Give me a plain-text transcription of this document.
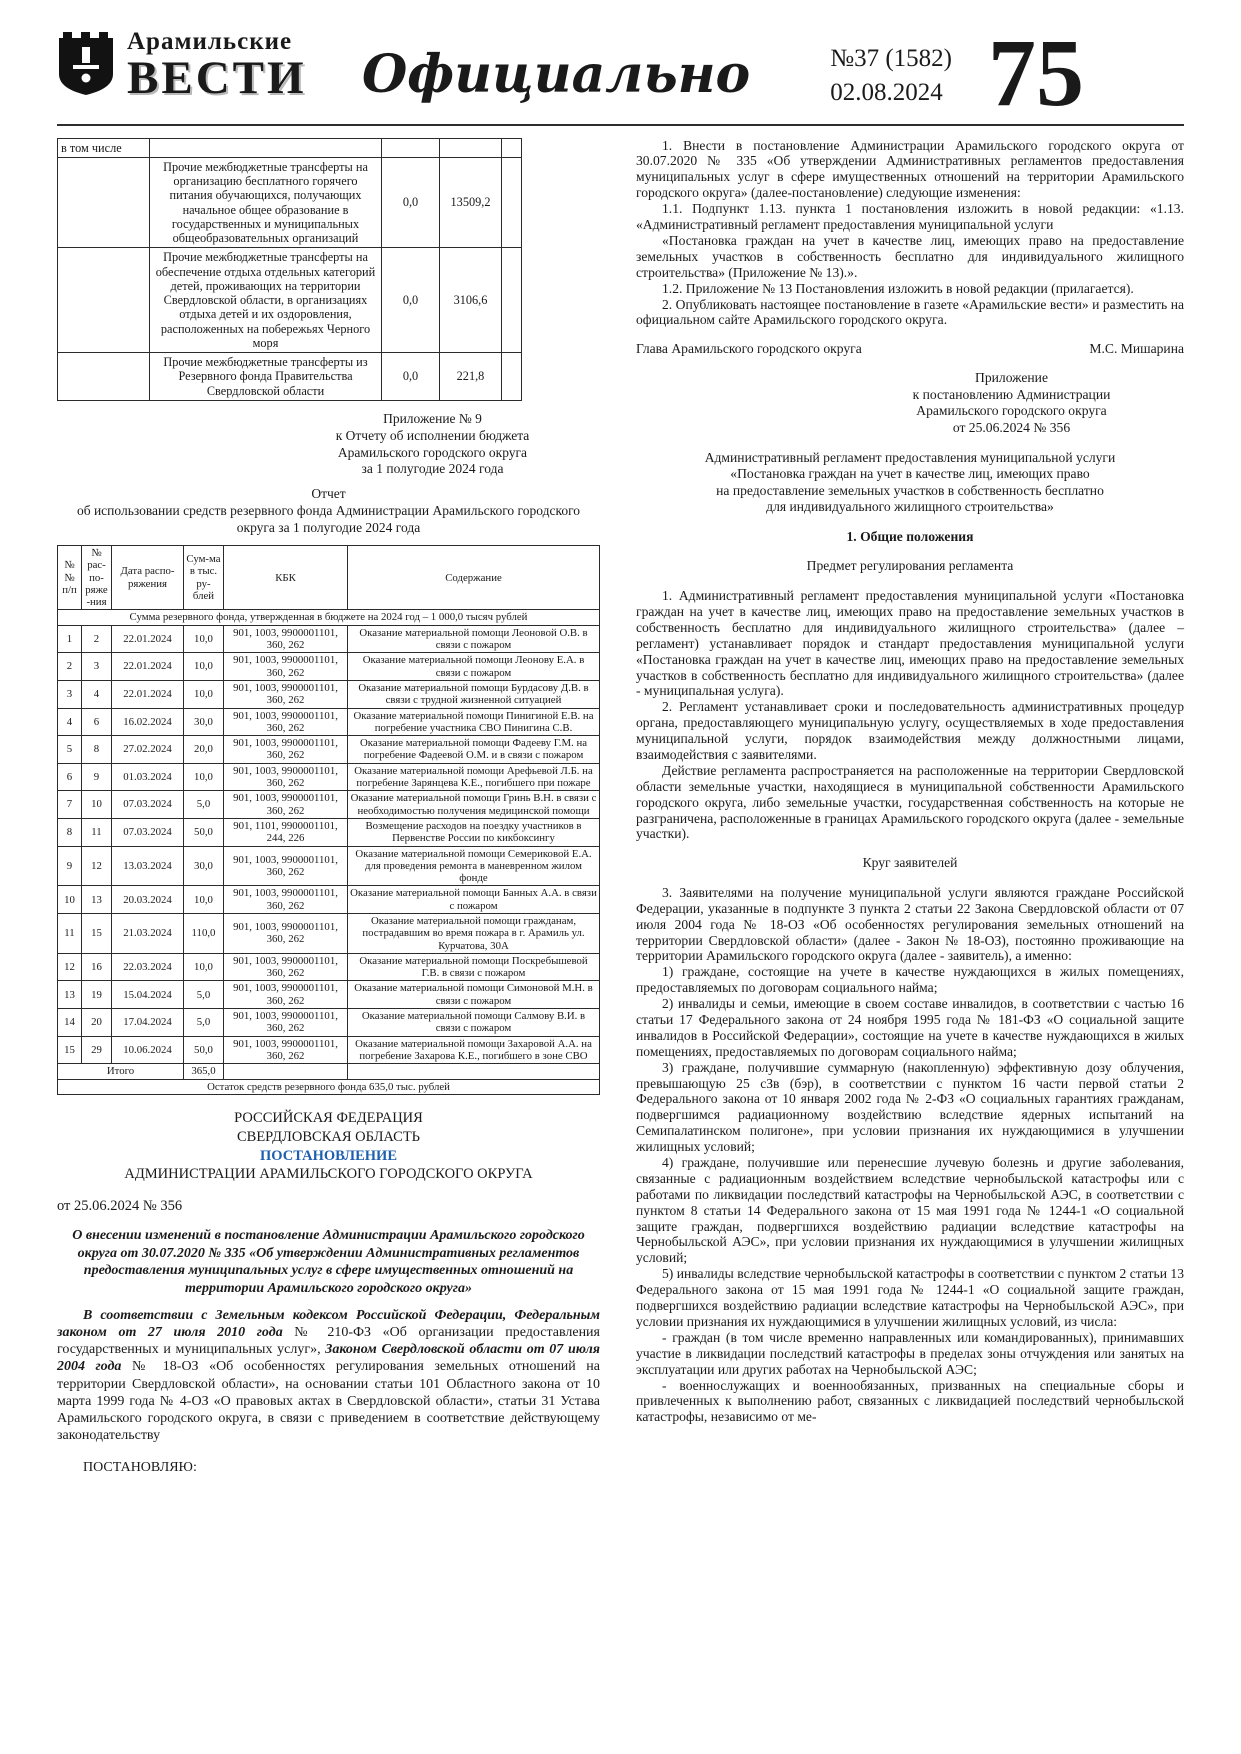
Арамильские
ВЕСТИ Официально	№37 (1582)
02.08.2024 75
в том числе				
	Прочие межбюджетные трансферты на организацию бесплатного горячего питания обучающихся, получающих начальное общее образование в государственных и муниципальных общеобразовательных организаций	0,0	13509,2	
	Прочие межбюджетные трансферты на обеспечение отдыха отдельных категорий детей, проживающих на территории Свердловской области, в организациях отдыха детей и их оздоровления, расположенных на побережьях Черного моря	0,0	3106,6	
	Прочие межбюджетные трансферты из Резервного фонда Правительства Свердловской области	0,0	221,8	
Приложение № 9
к Отчету об исполнении бюджета
Арамильского городского округа
за 1 полугодие 2024 года
Отчет
об использовании средств резервного фонда Администрации Арамильского городского округа за 1 полугодие 2024 года
№№ п/п	№ рас-по-ряже-ния	Дата распо-ряжения	Сум-ма в тыс. ру-блей	КБК	Содержание
Сумма резервного фонда, утвержденная в бюджете на 2024 год – 1 000,0 тысяч рублей					
1	2	22.01.2024	10,0	901, 1003, 9900001101, 360, 262	Оказание материальной помощи Леоновой О.В. в связи с пожаром
2	3	22.01.2024	10,0	901, 1003, 9900001101, 360, 262	Оказание материальной помощи Леонову Е.А. в связи с пожаром
3	4	22.01.2024	10,0	901, 1003, 9900001101, 360, 262	Оказание материальной помощи Бурдасову Д.В. в связи с трудной жизненной ситуацией
4	6	16.02.2024	30,0	901, 1003, 9900001101, 360, 262	Оказание материальной помощи Пинигиной Е.В. на погребение участника СВО Пинигина С.В.
5	8	27.02.2024	20,0	901, 1003, 9900001101, 360, 262	Оказание материальной помощи Фадееву Г.М. на погребение Фадеевой О.М. и в связи с пожаром
6	9	01.03.2024	10,0	901, 1003, 9900001101, 360, 262	Оказание материальной помощи Арефьевой Л.Б. на погребение Зарянцева К.Е., погибшего при пожаре
7	10	07.03.2024	5,0	901, 1003, 9900001101, 360, 262	Оказание материальной помощи Гринь В.Н. в связи с необходимостью получения медицинской помощи
8	11	07.03.2024	50,0	901, 1101, 9900001101, 244, 226	Возмещение расходов на поездку участников в Первенстве России по кикбоксингу
9	12	13.03.2024	30,0	901, 1003, 9900001101, 360, 262	Оказание материальной помощи Семериковой Е.А. для проведения ремонта в маневренном жилом фонде
10	13	20.03.2024	10,0	901, 1003, 9900001101, 360, 262	Оказание материальной помощи Банных А.А. в связи с пожаром
11	15	21.03.2024	110,0	901, 1003, 9900001101, 360, 262	Оказание материальной помощи гражданам, пострадавшим во время пожара в г. Арамиль ул. Курчатова, 30А
12	16	22.03.2024	10,0	901, 1003, 9900001101, 360, 262	Оказание материальной помощи Поскребышевой Г.В. в связи с пожаром
13	19	15.04.2024	5,0	901, 1003, 9900001101, 360, 262	Оказание материальной помощи Симоновой М.Н. в связи с пожаром
14	20	17.04.2024	5,0	901, 1003, 9900001101, 360, 262	Оказание материальной помощи Салмову В.И. в связи с пожаром
15	29	10.06.2024	50,0	901, 1003, 9900001101, 360, 262	Оказание материальной помощи Захаровой А.А. на погребение Захарова К.Е., погибшего в зоне СВО
Итого			365,0		
Остаток средств резервного фонда 635,0 тыс. рублей					
РОССИЙСКАЯ ФЕДЕРАЦИЯ
СВЕРДЛОВСКАЯ ОБЛАСТЬ
ПОСТАНОВЛЕНИЕ
АДМИНИСТРАЦИИ АРАМИЛЬСКОГО ГОРОДСКОГО ОКРУГА
от 25.06.2024 № 356
О внесении изменений в постановление Администрации Арамильского городского округа от 30.07.2020 № 335 «Об утверждении Административных регламентов предоставления муниципальных услуг в сфере имущественных отношений на территории Арамильского городского округа»

В соответствии с Земельным кодексом Российской Федерации, Федеральным законом от 27 июля 2010 года № 210-ФЗ «Об организации предоставления государственных и муниципальных услуг», Законом Свердловской области от 07 июля 2004 года № 18-ОЗ «Об особенностях регулирования земельных отношений на территории Свердловской области», на основании статьи 101 Областного закона от 10 марта 1999 года № 4-ОЗ «О правовых актах в Свердловской области», статьи 31 Устава Арамильского городского округа, в связи с приведением в соответствие действующему законодательству

ПОСТАНОВЛЯЮ:
1. Внести в постановление Администрации Арамильского городского округа от 30.07.2020 № 335 «Об утверждении Административных регламентов предоставления муниципальных услуг в сфере имущественных отношений на территории Арамильского городского округа» (далее-постановление) следующие изменения:
1.1. Подпункт 1.13. пункта 1 постановления изложить в новой редакции: «1.13. «Административный регламент предоставления муниципальной услуги
«Постановка граждан на учет в качестве лиц, имеющих право на предоставление земельных участков в собственность бесплатно для индивидуального жилищного строительства» (Приложение № 13).».
1.2. Приложение № 13 Постановления изложить в новой редакции (прилагается).
2. Опубликовать настоящее постановление в газете «Арамильские вести» и разместить на официальном сайте Арамильского городского округа.
Глава Арамильского городского округа	М.С. Мишарина
Приложение
к постановлению Администрации
Арамильского городского округа
от 25.06.2024 № 356
Административный регламент предоставления муниципальной услуги
«Постановка граждан на учет в качестве лиц, имеющих право
на предоставление земельных участков в собственность бесплатно
для индивидуального жилищного строительства»
1. Общие положения
Предмет регулирования регламента
1. Административный регламент предоставления муниципальной услуги «Постановка граждан на учет в качестве лиц, имеющих право на предоставление земельных участков в собственность бесплатно для индивидуального жилищного строительства» (далее – регламент) устанавливает порядок и стандарт предоставления муниципальной услуги «Постановка граждан на учет в качестве лиц, имеющих право на предоставление земельных участков в собственность бесплатно для индивидуального жилищного строительства» (далее - муниципальная услуга).
2. Регламент устанавливает сроки и последовательность административных процедур органа, предоставляющего муниципальную услугу, осуществляемых в ходе предоставления муниципальной услуги, порядок взаимодействия между должностными лицами, взаимодействия с заявителями.
Действие регламента распространяется на расположенные на территории Свердловской области земельные участки, находящиеся в муниципальной собственности Арамильского городского округа, либо земельные участки, государственная собственность на которые не разграничена, расположенные в границах Арамильского городского округа (далее - земельные участки).
Круг заявителей
3. Заявителями на получение муниципальной услуги являются граждане Российской Федерации, указанные в подпункте 3 пункта 2 статьи 22 Закона Свердловской области от 07 июля 2004 года № 18-ОЗ «Об особенностях регулирования земельных отношений на территории Свердловской области» (далее - Закон № 18-ОЗ), постоянно проживающие на территории Арамильского городского округа (далее - заявитель), а именно:
1) граждане, состоящие на учете в качестве нуждающихся в жилых помещениях, предоставляемых по договорам социального найма;
2) инвалиды и семьи, имеющие в своем составе инвалидов, в соответствии с частью 16 статьи 17 Федерального закона от 24 ноября 1995 года № 181-ФЗ «О социальной защите инвалидов в Российской Федерации», состоящие на учете в качестве нуждающихся в жилых помещениях, предоставляемых по договорам социального найма;
3) граждане, получившие суммарную (накопленную) эффективную дозу облучения, превышающую 25 сЗв (бэр), в соответствии с пунктом 16 части первой статьи 2 Федерального закона от 10 января 2002 года № 2-ФЗ «О социальных гарантиях гражданам, подвергшимся радиационному воздействию вследствие ядерных испытаний на Семипалатинском полигоне», при условии признания их нуждающимися в улучшении жилищных условий;
4) граждане, получившие или перенесшие лучевую болезнь и другие заболевания, связанные с радиационным воздействием вследствие чернобыльской катастрофы или с работами по ликвидации последствий катастрофы на Чернобыльской АЭС, в соответствии с пунктом 8 статьи 14 Федерального закона от 15 мая 1991 года № 1244-1 «О социальной защите граждан, подвергшихся воздействию радиации вследствие катастрофы на Чернобыльской АЭС», при условии признания их нуждающимися в улучшении жилищных условий;
5) инвалиды вследствие чернобыльской катастрофы в соответствии с пунктом 2 статьи 13 Федерального закона от 15 мая 1991 года № 1244-1 «О социальной защите граждан, подвергшихся воздействию радиации вследствие катастрофы на Чернобыльской АЭС», при условии признания их нуждающимися в улучшении жилищных условий, из числа:
- граждан (в том числе временно направленных или командированных), принимавших участие в ликвидации последствий катастрофы в пределах зоны отчуждения или занятых на эксплуатации или других работах на Чернобыльской АЭС;
- военнослужащих и военнообязанных, призванных на специальные сборы и привлеченных к выполнению работ, связанных с ликвидацией последствий чернобыльской катастрофы, независимо от ме-
